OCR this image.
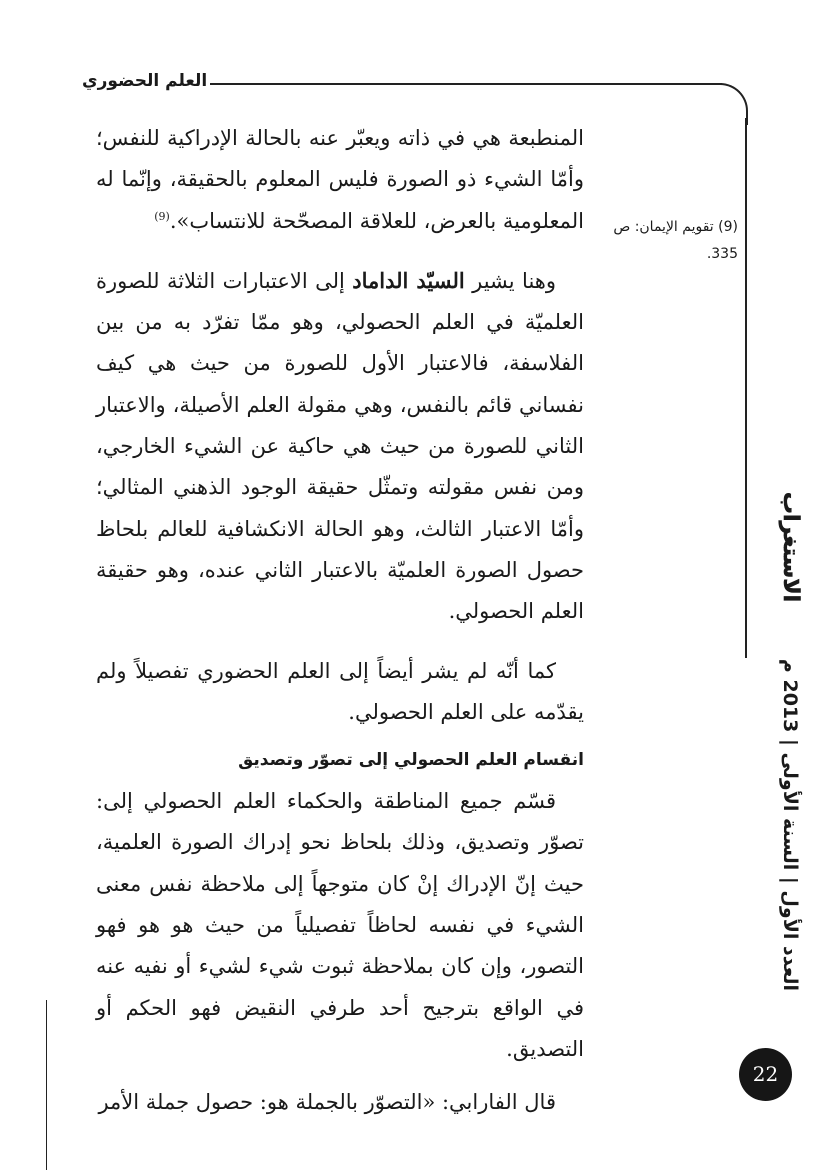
العلم الحضوري

المنطبعة هي في ذاته ويعبّر عنه بالحالة الإدراكية للنفس؛ وأمّا الشيء ذو الصورة فليس المعلوم بالحقيقة، وإنّما له المعلومية بالعرض، للعلاقة المصحّحة للانتساب».$^{(9)}$

وهنا يشير السيّد الداماد إلى الاعتبارات الثلاثة للصورة العلميّة في العلم الحصولي، وهو ممّا تفرّد به من بين الفلاسفة، فالاعتبار الأول للصورة من حيث هي كيف نفساني قائم بالنفس، وهي مقولة العلم الأصيلة، والاعتبار الثاني للصورة من حيث هي حاكية عن الشيء الخارجي، ومن نفس مقولته وتمثّل حقيقة الوجود الذهني المثالي؛ وأمّا الاعتبار الثالث، وهو الحالة الانكشافية للعالم بلحاظ حصول الصورة العلميّة بالاعتبار الثاني عنده، وهو حقيقة العلم الحصولي.

كما أنّه لم يشر أيضاً إلى العلم الحضوري تفصيلاً ولم يقدّمه على العلم الحصولي.

انقسام العلم الحصولي إلى تصوّر وتصديق

قسّم جميع المناطقة والحكماء العلم الحصولي إلى: تصوّر وتصديق، وذلك بلحاظ نحو إدراك الصورة العلمية، حيث إنّ الإدراك إنْ كان متوجهاً إلى ملاحظة نفس معنى الشيء في نفسه لحاظاً تفصيلياً من حيث هو هو فهو التصور، وإن كان بملاحظة ثبوت شيء لشيء أو نفيه عنه في الواقع بترجيح أحد طرفي النقيض فهو الحكم أو التصديق.

قال الفارابي: «التصوّر بالجملة هو: حصول جملة الأمر

(9) تقويم الإيمان: ص 335.
الاستغراب
العدد الأول | السنة الأولى | 2013 م
22
